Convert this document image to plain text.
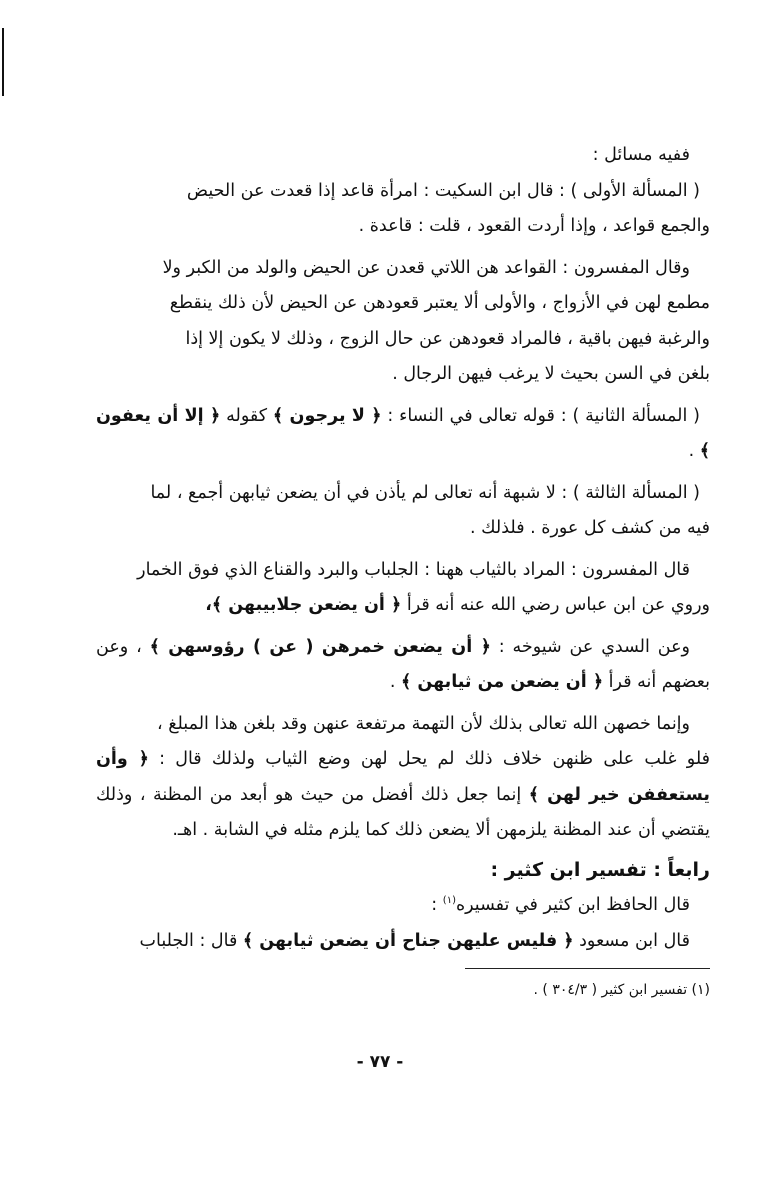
ففيه مسائل :

( المسألة الأولى ) : قال ابن السكيت : امرأة قاعد إذا قعدت عن الحيض

والجمع قواعد ، وإذا أردت القعود ، قلت : قاعدة .

وقال المفسرون : القواعد هن اللاتي قعدن عن الحيض والولد من الكبر ولا

مطمع لهن في الأزواج ، والأولى ألا يعتبر قعودهن عن الحيض لأن ذلك ينقطع

والرغبة فيهن باقية ، فالمراد قعودهن عن حال الزوج ، وذلك لا يكون إلا إذا

بلغن في السن بحيث لا يرغب فيهن الرجال .

( المسألة الثانية ) : قوله تعالى في النساء : ﴿ لا يرجون ﴾ كقوله ﴿ إلا أن يعفون ﴾ .

( المسألة الثالثة ) : لا شبهة أنه تعالى لم يأذن في أن يضعن ثيابهن أجمع ، لما

فيه من كشف كل عورة . فلذلك .

قال المفسرون : المراد بالثياب ههنا : الجلباب والبرد والقناع الذي فوق الخمار

وروي عن ابن عباس رضي الله عنه أنه قرأ ﴿ أن يضعن جلابيبهن ﴾،

وعن السدي عن شيوخه : ﴿ أن يضعن خمرهن ( عن ) رؤوسهن ﴾ ، وعن بعضهم أنه قرأ ﴿ أن يضعن من ثيابهن ﴾ .

وإنما خصهن الله تعالى بذلك لأن التهمة مرتفعة عنهن وقد بلغن هذا المبلغ ،

فلو غلب على ظنهن خلاف ذلك لم يحل لهن وضع الثياب ولذلك قال : ﴿ وأن يستعففن خير لهن ﴾ إنما جعل ذلك أفضل من حيث هو أبعد من المظنة ، وذلك يقتضي أن عند المظنة يلزمهن ألا يضعن ذلك كما يلزم مثله في الشابة . اهـ.

رابعاً : تفسير ابن كثير :

قال الحافظ ابن كثير في تفسيره$^{(١)}$ :

قال ابن مسعود ﴿ فليس عليهن جناح أن يضعن ثيابهن ﴾ قال : الجلباب

(١) تفسير ابن كثير ( ٣٠٤/٣ ) .
- ٧٧ -
